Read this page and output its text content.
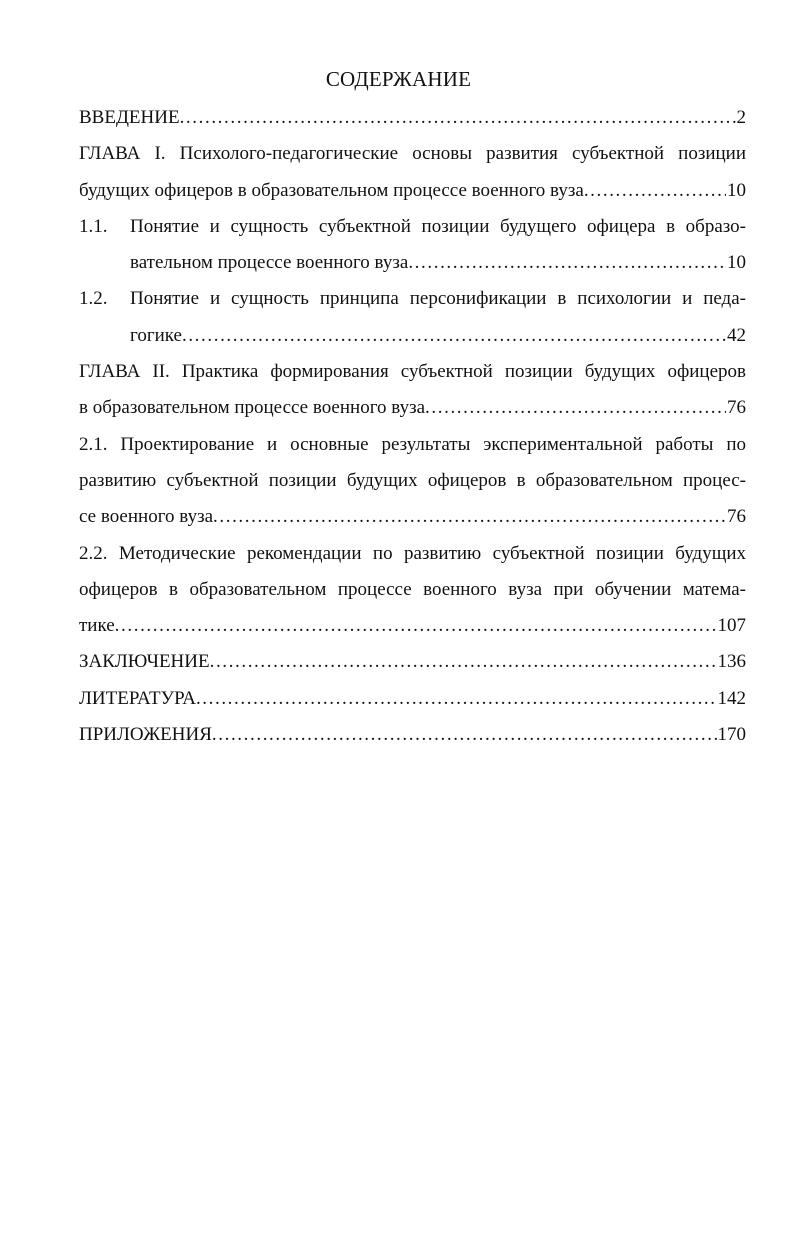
СОДЕРЖАНИЕ
ВВЕДЕНИЕ .....	2
ГЛАВА I. Психолого-педагогические основы развития субъектной позиции
будущих офицеров в образовательном процессе военного вуза .....	10
1.1.	Понятие и сущность субъектной позиции будущего офицера в образо-
вательном процессе военного вуза .....	10
1.2.	Понятие и сущность принципа персонификации в психологии и педа-
гогике .....	42
ГЛАВА II. Практика формирования субъектной позиции будущих офицеров
в образовательном процессе военного вуза .....	76
2.1. Проектирование и основные результаты экспериментальной работы по
развитию субъектной позиции будущих офицеров в образовательном процес-
се военного вуза .....	76
2.2. Методические рекомендации по развитию субъектной позиции будущих
офицеров в образовательном процессе военного вуза при обучении матема-
тике .....	107
ЗАКЛЮЧЕНИЕ .....	136
ЛИТЕРАТУРА .....	142
ПРИЛОЖЕНИЯ .....	170
